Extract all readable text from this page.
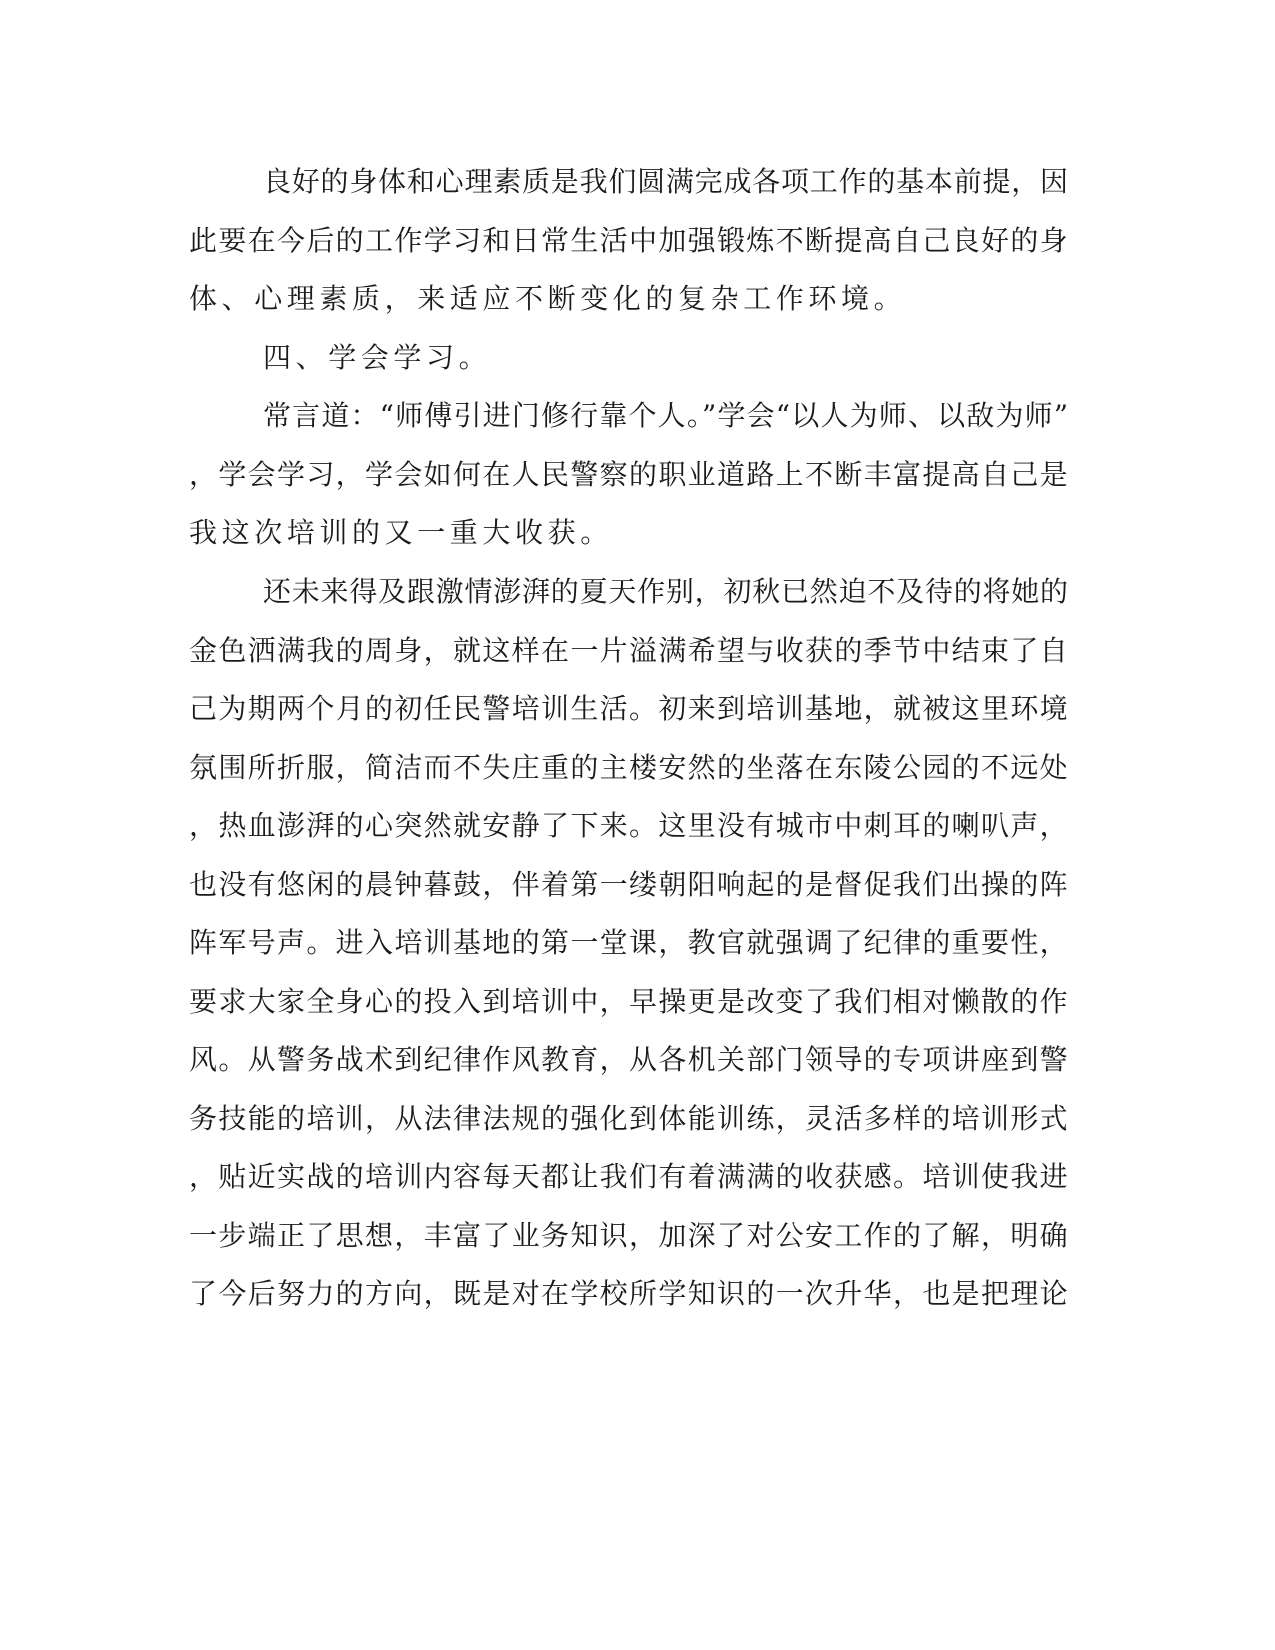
良好的身体和心理素质是我们圆满完成各项工作的基本前提，因
此要在今后的工作学习和日常生活中加强锻炼不断提高自己良好的身
体、心理素质，来适应不断变化的复杂工作环境。
四、学会学习。
常言道：“师傅引进门修行靠个人。”学会“以人为师、以敌为师”
，学会学习，学会如何在人民警察的职业道路上不断丰富提高自己是
我这次培训的又一重大收获。
还未来得及跟激情澎湃的夏天作别，初秋已然迫不及待的将她的
金色洒满我的周身，就这样在一片溢满希望与收获的季节中结束了自
己为期两个月的初任民警培训生活。初来到培训基地，就被这里环境
氛围所折服，简洁而不失庄重的主楼安然的坐落在东陵公园的不远处
，热血澎湃的心突然就安静了下来。这里没有城市中刺耳的喇叭声，
也没有悠闲的晨钟暮鼓，伴着第一缕朝阳响起的是督促我们出操的阵
阵军号声。进入培训基地的第一堂课，教官就强调了纪律的重要性，
要求大家全身心的投入到培训中，早操更是改变了我们相对懒散的作
风。从警务战术到纪律作风教育，从各机关部门领导的专项讲座到警
务技能的培训，从法律法规的强化到体能训练，灵活多样的培训形式
，贴近实战的培训内容每天都让我们有着满满的收获感。培训使我进
一步端正了思想，丰富了业务知识，加深了对公安工作的了解，明确
了今后努力的方向，既是对在学校所学知识的一次升华，也是把理论
